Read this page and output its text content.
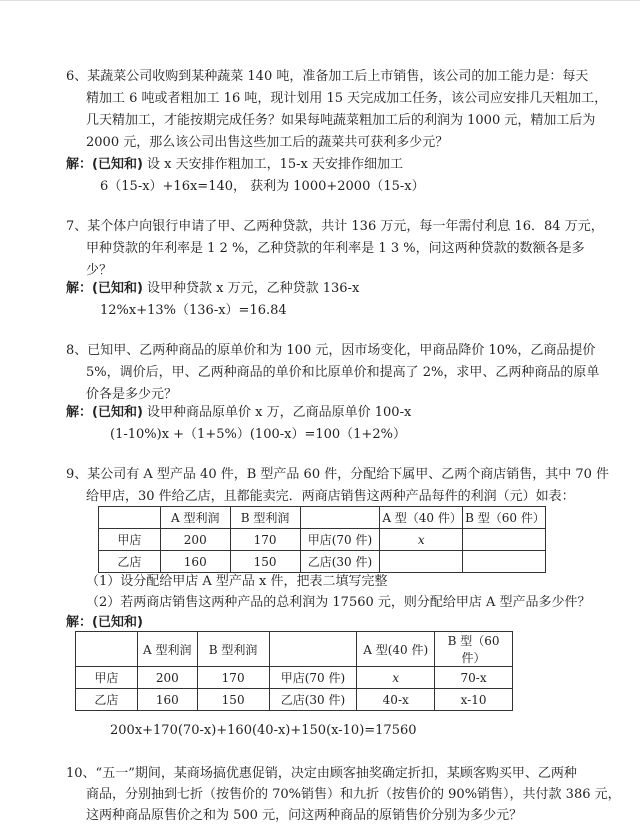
6、某蔬菜公司收购到某种蔬菜 140 吨，准备加工后上市销售，该公司的加工能力是：每天
精加工 6 吨或者粗加工 16 吨，现计划用 15 天完成加工任务，该公司应安排几天粗加工，
几天精加工，才能按期完成任务？如果每吨蔬菜粗加工后的利润为 1000 元，精加工后为
2000 元，那么该公司出售这些加工后的蔬菜共可获利多少元？
解：(已知和) 设 x 天安排作粗加工，15-x 天安排作细加工
6（15-x）+16x=140， 获利为 1000+2000（15-x）
7、某个体户向银行申请了甲、乙两种贷款，共计 136 万元，每一年需付利息 16．84 万元，
甲种贷款的年利率是 1 2 %，乙种贷款的年利率是 1 3 %，问这两种贷款的数额各是多
少？
解：(已知和) 设甲种贷款 x 万元，乙种贷款 136-x
12%x+13%（136-x）=16.84
8、已知甲、乙两种商品的原单价和为 100 元，因市场变化，甲商品降价 10%，乙商品提价
5%，调价后，甲、乙两种商品的单价和比原单价和提高了 2%，求甲、乙两种商品的原单
价各是多少元？
解：(已知和) 设甲种商品原单价 x 万，乙商品原单价 100-x
(1-10%)x +（1+5%）(100-x）=100（1+2%）
9、某公司有 A 型产品 40 件，B 型产品 60 件，分配给下属甲、乙两个商店销售，其中 70 件
给甲店，30 件给乙店，且都能卖完．两商店销售这两种产品每件的利润（元）如表：
	A 型利润	B 型利润		A 型（40 件）	B 型（60 件）
甲店	200	170	甲店(70 件)	x	
乙店	160	150	乙店(30 件)		
（1）设分配给甲店 A 型产品 x 件，把表二填写完整
（2）若两商店销售这两种产品的总利润为 17560 元，则分配给甲店 A 型产品多少件？
解：(已知和)
	A 型利润	B 型利润		A 型(40 件)	B 型（60 件）
甲店	200	170	甲店(70 件)	x	70-x
乙店	160	150	乙店(30 件)	40-x	x-10
200x+170(70-x)+160(40-x)+150(x-10)=17560
10、“五一”期间，某商场搞优惠促销，决定由顾客抽奖确定折扣，某顾客购买甲、乙两种
商品，分别抽到七折（按售价的 70%销售）和九折（按售价的 90%销售），共付款 386 元，
这两种商品原售价之和为 500 元，问这两种商品的原销售价分别为多少元？
